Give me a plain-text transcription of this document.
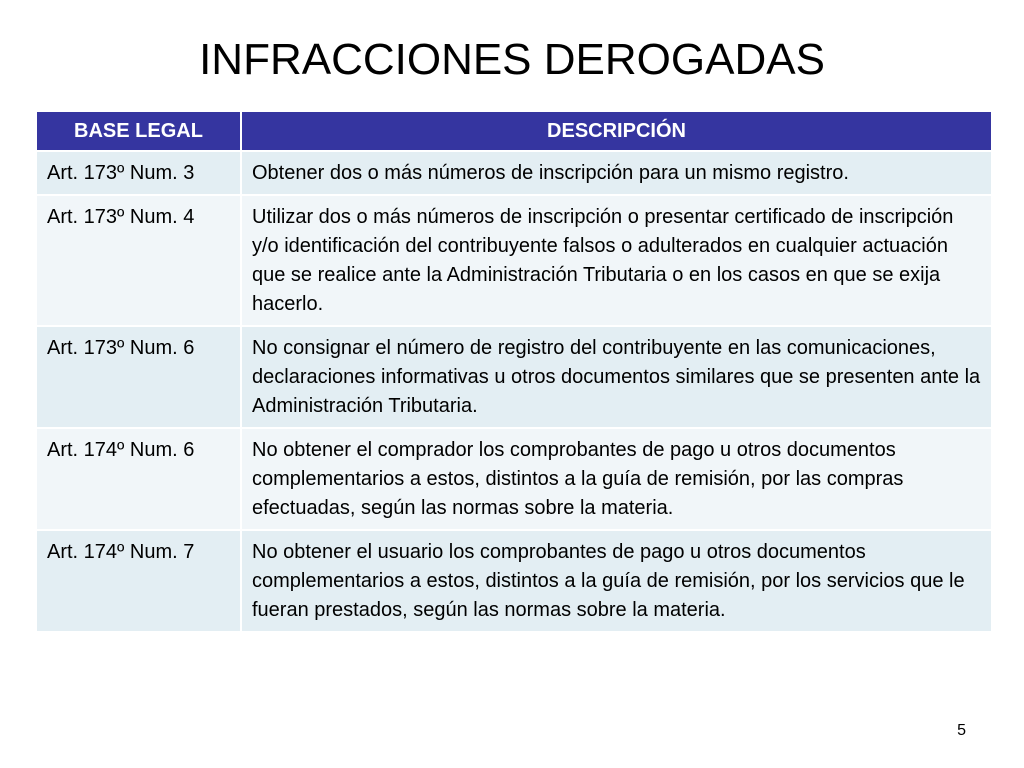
INFRACCIONES DEROGADAS
BASE LEGAL	DESCRIPCIÓN
Art. 173º Num. 3	Obtener dos o más números de inscripción para un mismo registro.
Art. 173º Num. 4	Utilizar dos o más números de inscripción o presentar certificado de inscripción y/o identificación del contribuyente falsos o adulterados en cualquier actuación que se realice ante la Administración Tributaria o en los casos en que se exija hacerlo.
Art. 173º Num. 6	No consignar el número de registro del contribuyente en las comunicaciones, declaraciones informativas u otros documentos similares que se presenten ante la Administración Tributaria.
Art. 174º Num. 6	No obtener el comprador los comprobantes de pago u otros documentos complementarios a estos, distintos a la guía de remisión, por las compras efectuadas, según las normas sobre la materia.
Art. 174º Num. 7	No obtener el usuario los comprobantes de pago u otros documentos complementarios a estos, distintos a la guía de remisión, por los servicios que le fueran prestados, según las normas sobre la materia.
5
